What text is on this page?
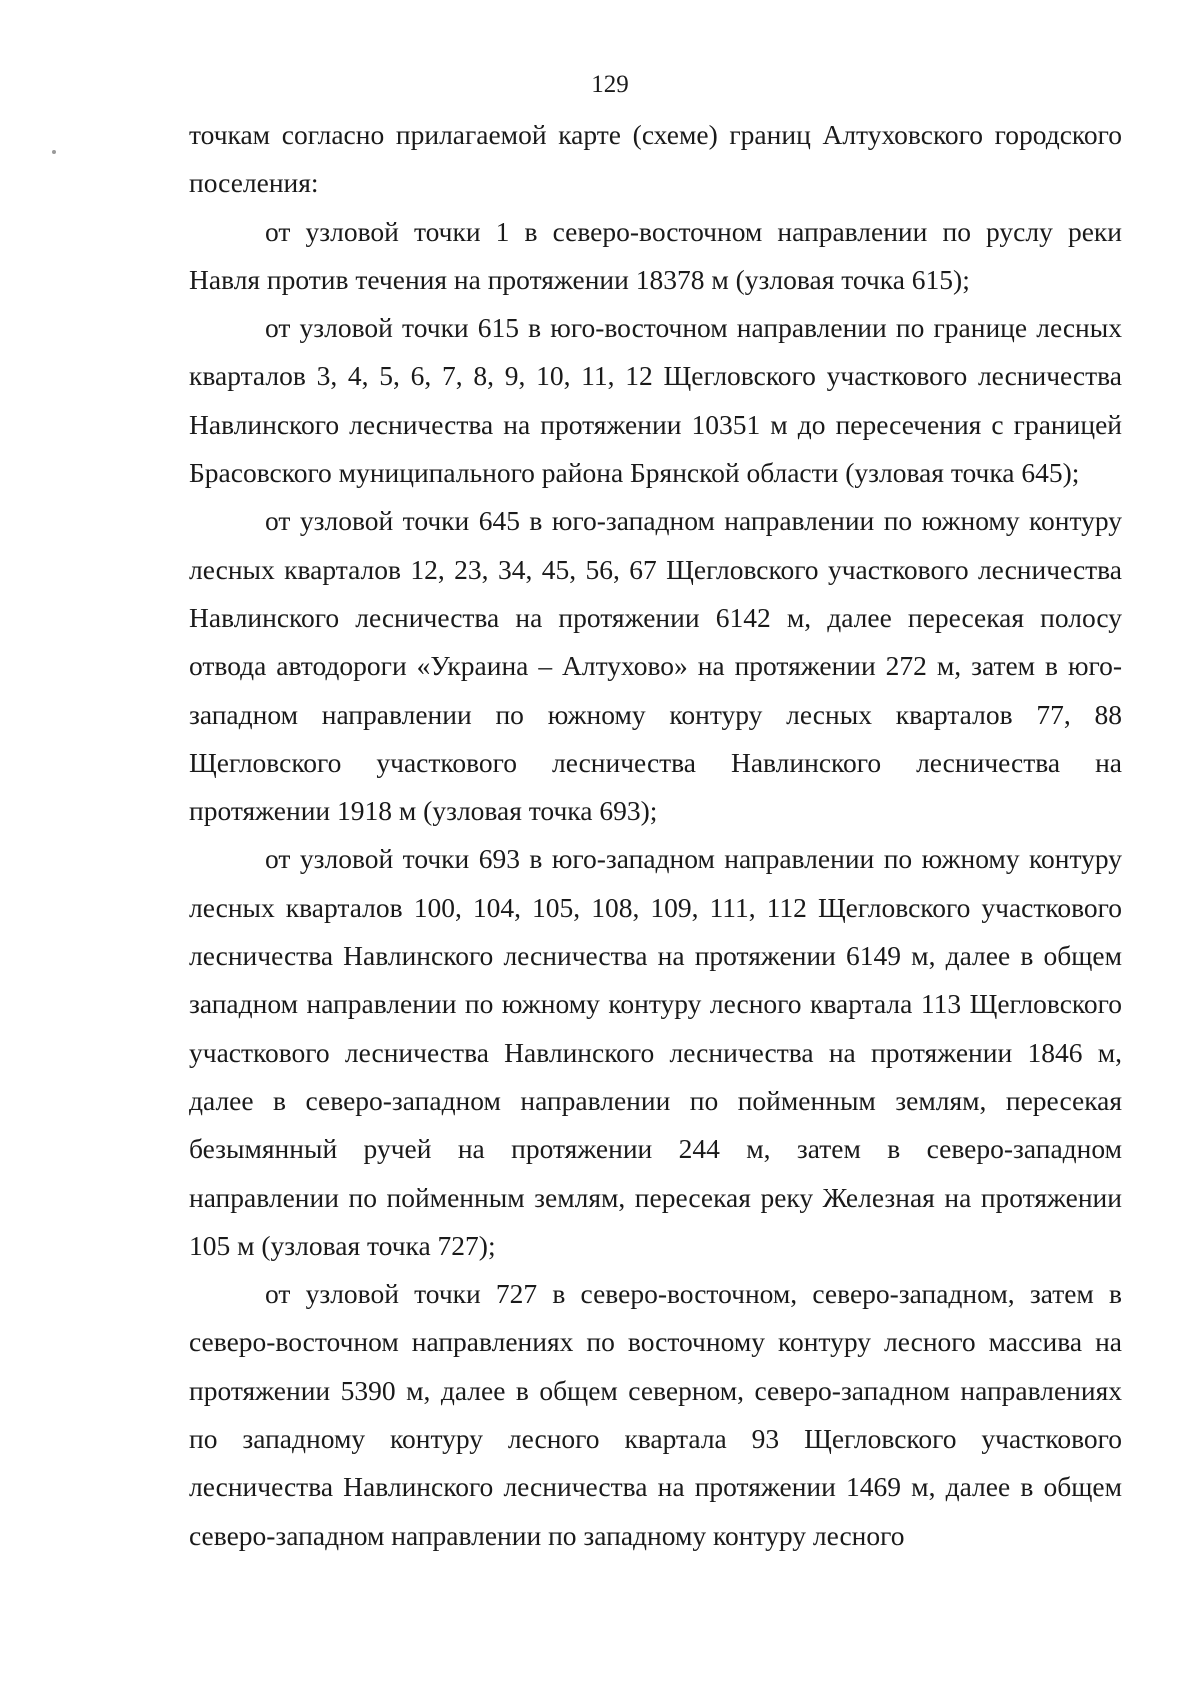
129

точкам согласно прилагаемой карте (схеме) границ Алтуховского городского поселения:

от узловой точки 1 в северо-восточном направлении по руслу реки Навля против течения на протяжении 18378 м (узловая точка 615);

от узловой точки 615 в юго-восточном направлении по границе лесных кварталов 3, 4, 5, 6, 7, 8, 9, 10, 11, 12 Щегловского участкового лесничества Навлинского лесничества на протяжении 10351 м до пересечения с границей Брасовского муниципального района Брянской области (узловая точка 645);

от узловой точки 645 в юго-западном направлении по южному контуру лесных кварталов 12, 23, 34, 45, 56, 67 Щегловского участкового лесничества Навлинского лесничества на протяжении 6142 м, далее пересекая полосу отвода автодороги «Украина – Алтухово» на протяжении 272 м, затем в юго-западном направлении по южному контуру лесных кварталов 77, 88 Щегловского участкового лесничества Навлинского лесничества на протяжении 1918 м (узловая точка 693);

от узловой точки 693 в юго-западном направлении по южному контуру лесных кварталов 100, 104, 105, 108, 109, 111, 112 Щегловского участкового лесничества Навлинского лесничества на протяжении 6149 м, далее в общем западном направлении по южному контуру лесного квартала 113 Щегловского участкового лесничества Навлинского лесничества на протяжении 1846 м, далее в северо-западном направлении по пойменным землям, пересекая безымянный ручей на протяжении 244 м, затем в северо-западном направлении по пойменным землям, пересекая реку Железная на протяжении 105 м (узловая точка 727);

от узловой точки 727 в северо-восточном, северо-западном, затем в северо-восточном направлениях по восточному контуру лесного массива на протяжении 5390 м, далее в общем северном, северо-западном направлениях по западному контуру лесного квартала 93 Щегловского участкового лесничества Навлинского лесничества на протяжении 1469 м, далее в общем северо-западном направлении по западному контуру лесного
